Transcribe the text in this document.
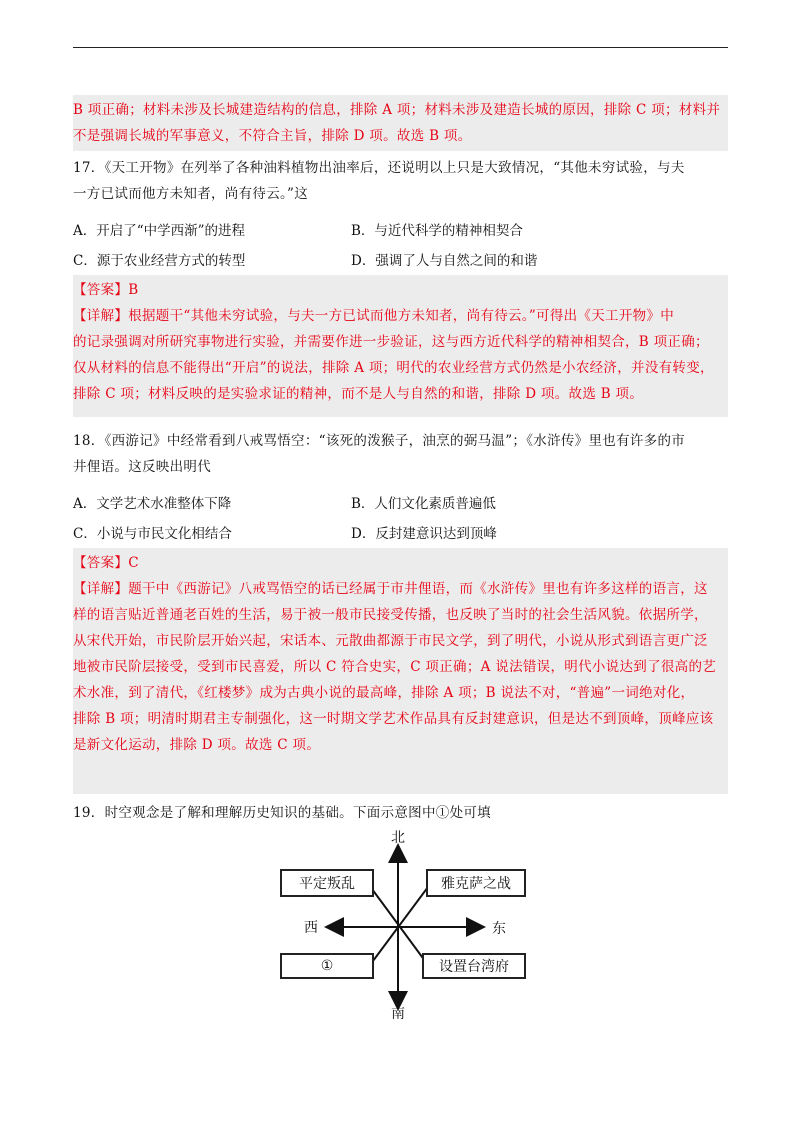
B 项正确；材料未涉及长城建造结构的信息，排除 A 项；材料未涉及建造长城的原因，排除 C 项；材料并
不是强调长城的军事意义，不符合主旨，排除 D 项。故选 B 项。

17．《天工开物》在列举了各种油料植物出油率后，还说明以上只是大致情况，“其他未穷试验，与夫
一方已试而他方未知者，尚有待云。”这

A．开启了“中学西渐”的进程	B．与近代科学的精神相契合
C．源于农业经营方式的转型	D．强调了人与自然之间的和谐

【答案】B
【详解】根据题干“其他未穷试验，与夫一方已试而他方未知者，尚有待云。”可得出《天工开物》中
的记录强调对所研究事物进行实验，并需要作进一步验证，这与西方近代科学的精神相契合，B 项正确；
仅从材料的信息不能得出“开启”的说法，排除 A 项；明代的农业经营方式仍然是小农经济，并没有转变，
排除 C 项；材料反映的是实验求证的精神，而不是人与自然的和谐，排除 D 项。故选 B 项。

18．《西游记》中经常看到八戒骂悟空：“该死的泼猴子，油烹的弼马温”；《水浒传》里也有许多的市
井俚语。这反映出明代

A．文学艺术水准整体下降	B．人们文化素质普遍低
C．小说与市民文化相结合	D．反封建意识达到顶峰

【答案】C
【详解】题干中《西游记》八戒骂悟空的话已经属于市井俚语，而《水浒传》里也有许多这样的语言，这
样的语言贴近普通老百姓的生活，易于被一般市民接受传播，也反映了当时的社会生活风貌。依据所学，
从宋代开始，市民阶层开始兴起，宋话本、元散曲都源于市民文学，到了明代，小说从形式到语言更广泛
地被市民阶层接受，受到市民喜爱，所以 C 符合史实，C 项正确；A 说法错误，明代小说达到了很高的艺
术水准，到了清代，《红楼梦》成为古典小说的最高峰，排除 A 项；B 说法不对，“普遍”一词绝对化，
排除 B 项；明清时期君主专制强化，这一时期文学艺术作品具有反封建意识，但是达不到顶峰，顶峰应该
是新文化运动，排除 D 项。故选 C 项。

19．时空观念是了解和理解历史知识的基础。下面示意图中①处可填

北
南
东
西
平定叛乱	雅克萨之战
①	设置台湾府
